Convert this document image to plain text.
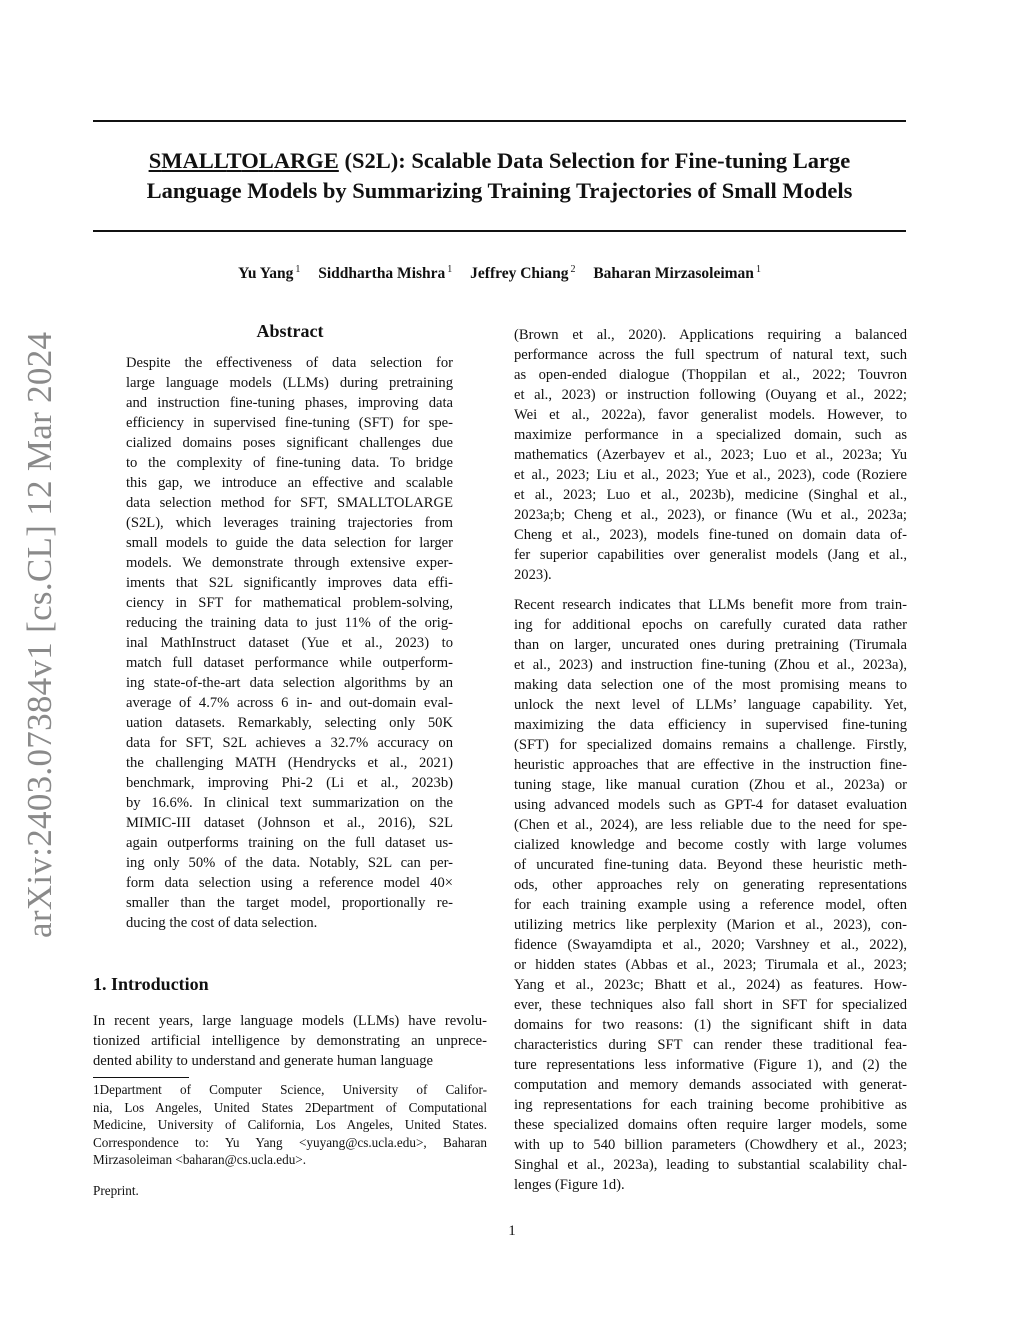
arXiv:2403.07384v1 [cs.CL] 12 Mar 2024
SMALLTOLARGE (S2L): Scalable Data Selection for Fine-tuning Large
Language Models by Summarizing Training Trajectories of Small Models
Yu Yang $^1$ Siddhartha Mishra $^1$ Jeffrey Chiang $^2$ Baharan Mirzasoleiman $^1$
Abstract
Despite the effectiveness of data selection for
large language models (LLMs) during pretraining
and instruction fine-tuning phases, improving data
efficiency in supervised fine-tuning (SFT) for spe-
cialized domains poses significant challenges due
to the complexity of fine-tuning data. To bridge
this gap, we introduce an effective and scalable
data selection method for SFT, SMALLTOLARGE
(S2L), which leverages training trajectories from
small models to guide the data selection for larger
models. We demonstrate through extensive exper-
iments that S2L significantly improves data effi-
ciency in SFT for mathematical problem-solving,
reducing the training data to just 11% of the orig-
inal MathInstruct dataset (Yue et al., 2023) to
match full dataset performance while outperform-
ing state-of-the-art data selection algorithms by an
average of 4.7% across 6 in- and out-domain eval-
uation datasets. Remarkably, selecting only 50K
data for SFT, S2L achieves a 32.7% accuracy on
the challenging MATH (Hendrycks et al., 2021)
benchmark, improving Phi-2 (Li et al., 2023b)
by 16.6%. In clinical text summarization on the
MIMIC-III dataset (Johnson et al., 2016), S2L
again outperforms training on the full dataset us-
ing only 50% of the data. Notably, S2L can per-
form data selection using a reference model 40×
smaller than the target model, proportionally re-
ducing the cost of data selection.
1. Introduction
In recent years, large language models (LLMs) have revolu-
tionized artificial intelligence by demonstrating an unprece-
dented ability to understand and generate human language
1Department of Computer Science, University of Califor-
nia, Los Angeles, United States 2Department of Computational
Medicine, University of California, Los Angeles, United States.
Correspondence to: Yu Yang <yuyang@cs.ucla.edu>, Baharan
Mirzasoleiman <baharan@cs.ucla.edu>.
Preprint.
(Brown et al., 2020). Applications requiring a balanced
performance across the full spectrum of natural text, such
as open-ended dialogue (Thoppilan et al., 2022; Touvron
et al., 2023) or instruction following (Ouyang et al., 2022;
Wei et al., 2022a), favor generalist models. However, to
maximize performance in a specialized domain, such as
mathematics (Azerbayev et al., 2023; Luo et al., 2023a; Yu
et al., 2023; Liu et al., 2023; Yue et al., 2023), code (Roziere
et al., 2023; Luo et al., 2023b), medicine (Singhal et al.,
2023a;b; Cheng et al., 2023), or finance (Wu et al., 2023a;
Cheng et al., 2023), models fine-tuned on domain data of-
fer superior capabilities over generalist models (Jang et al.,
2023).
Recent research indicates that LLMs benefit more from train-
ing for additional epochs on carefully curated data rather
than on larger, uncurated ones during pretraining (Tirumala
et al., 2023) and instruction fine-tuning (Zhou et al., 2023a),
making data selection one of the most promising means to
unlock the next level of LLMs’ language capability. Yet,
maximizing the data efficiency in supervised fine-tuning
(SFT) for specialized domains remains a challenge. Firstly,
heuristic approaches that are effective in the instruction fine-
tuning stage, like manual curation (Zhou et al., 2023a) or
using advanced models such as GPT-4 for dataset evaluation
(Chen et al., 2024), are less reliable due to the need for spe-
cialized knowledge and become costly with large volumes
of uncurated fine-tuning data. Beyond these heuristic meth-
ods, other approaches rely on generating representations
for each training example using a reference model, often
utilizing metrics like perplexity (Marion et al., 2023), con-
fidence (Swayamdipta et al., 2020; Varshney et al., 2022),
or hidden states (Abbas et al., 2023; Tirumala et al., 2023;
Yang et al., 2023c; Bhatt et al., 2024) as features. How-
ever, these techniques also fall short in SFT for specialized
domains for two reasons: (1) the significant shift in data
characteristics during SFT can render these traditional fea-
ture representations less informative (Figure 1), and (2) the
computation and memory demands associated with generat-
ing representations for each training become prohibitive as
these specialized domains often require larger models, some
with up to 540 billion parameters (Chowdhery et al., 2023;
Singhal et al., 2023a), leading to substantial scalability chal-
lenges (Figure 1d).
1
